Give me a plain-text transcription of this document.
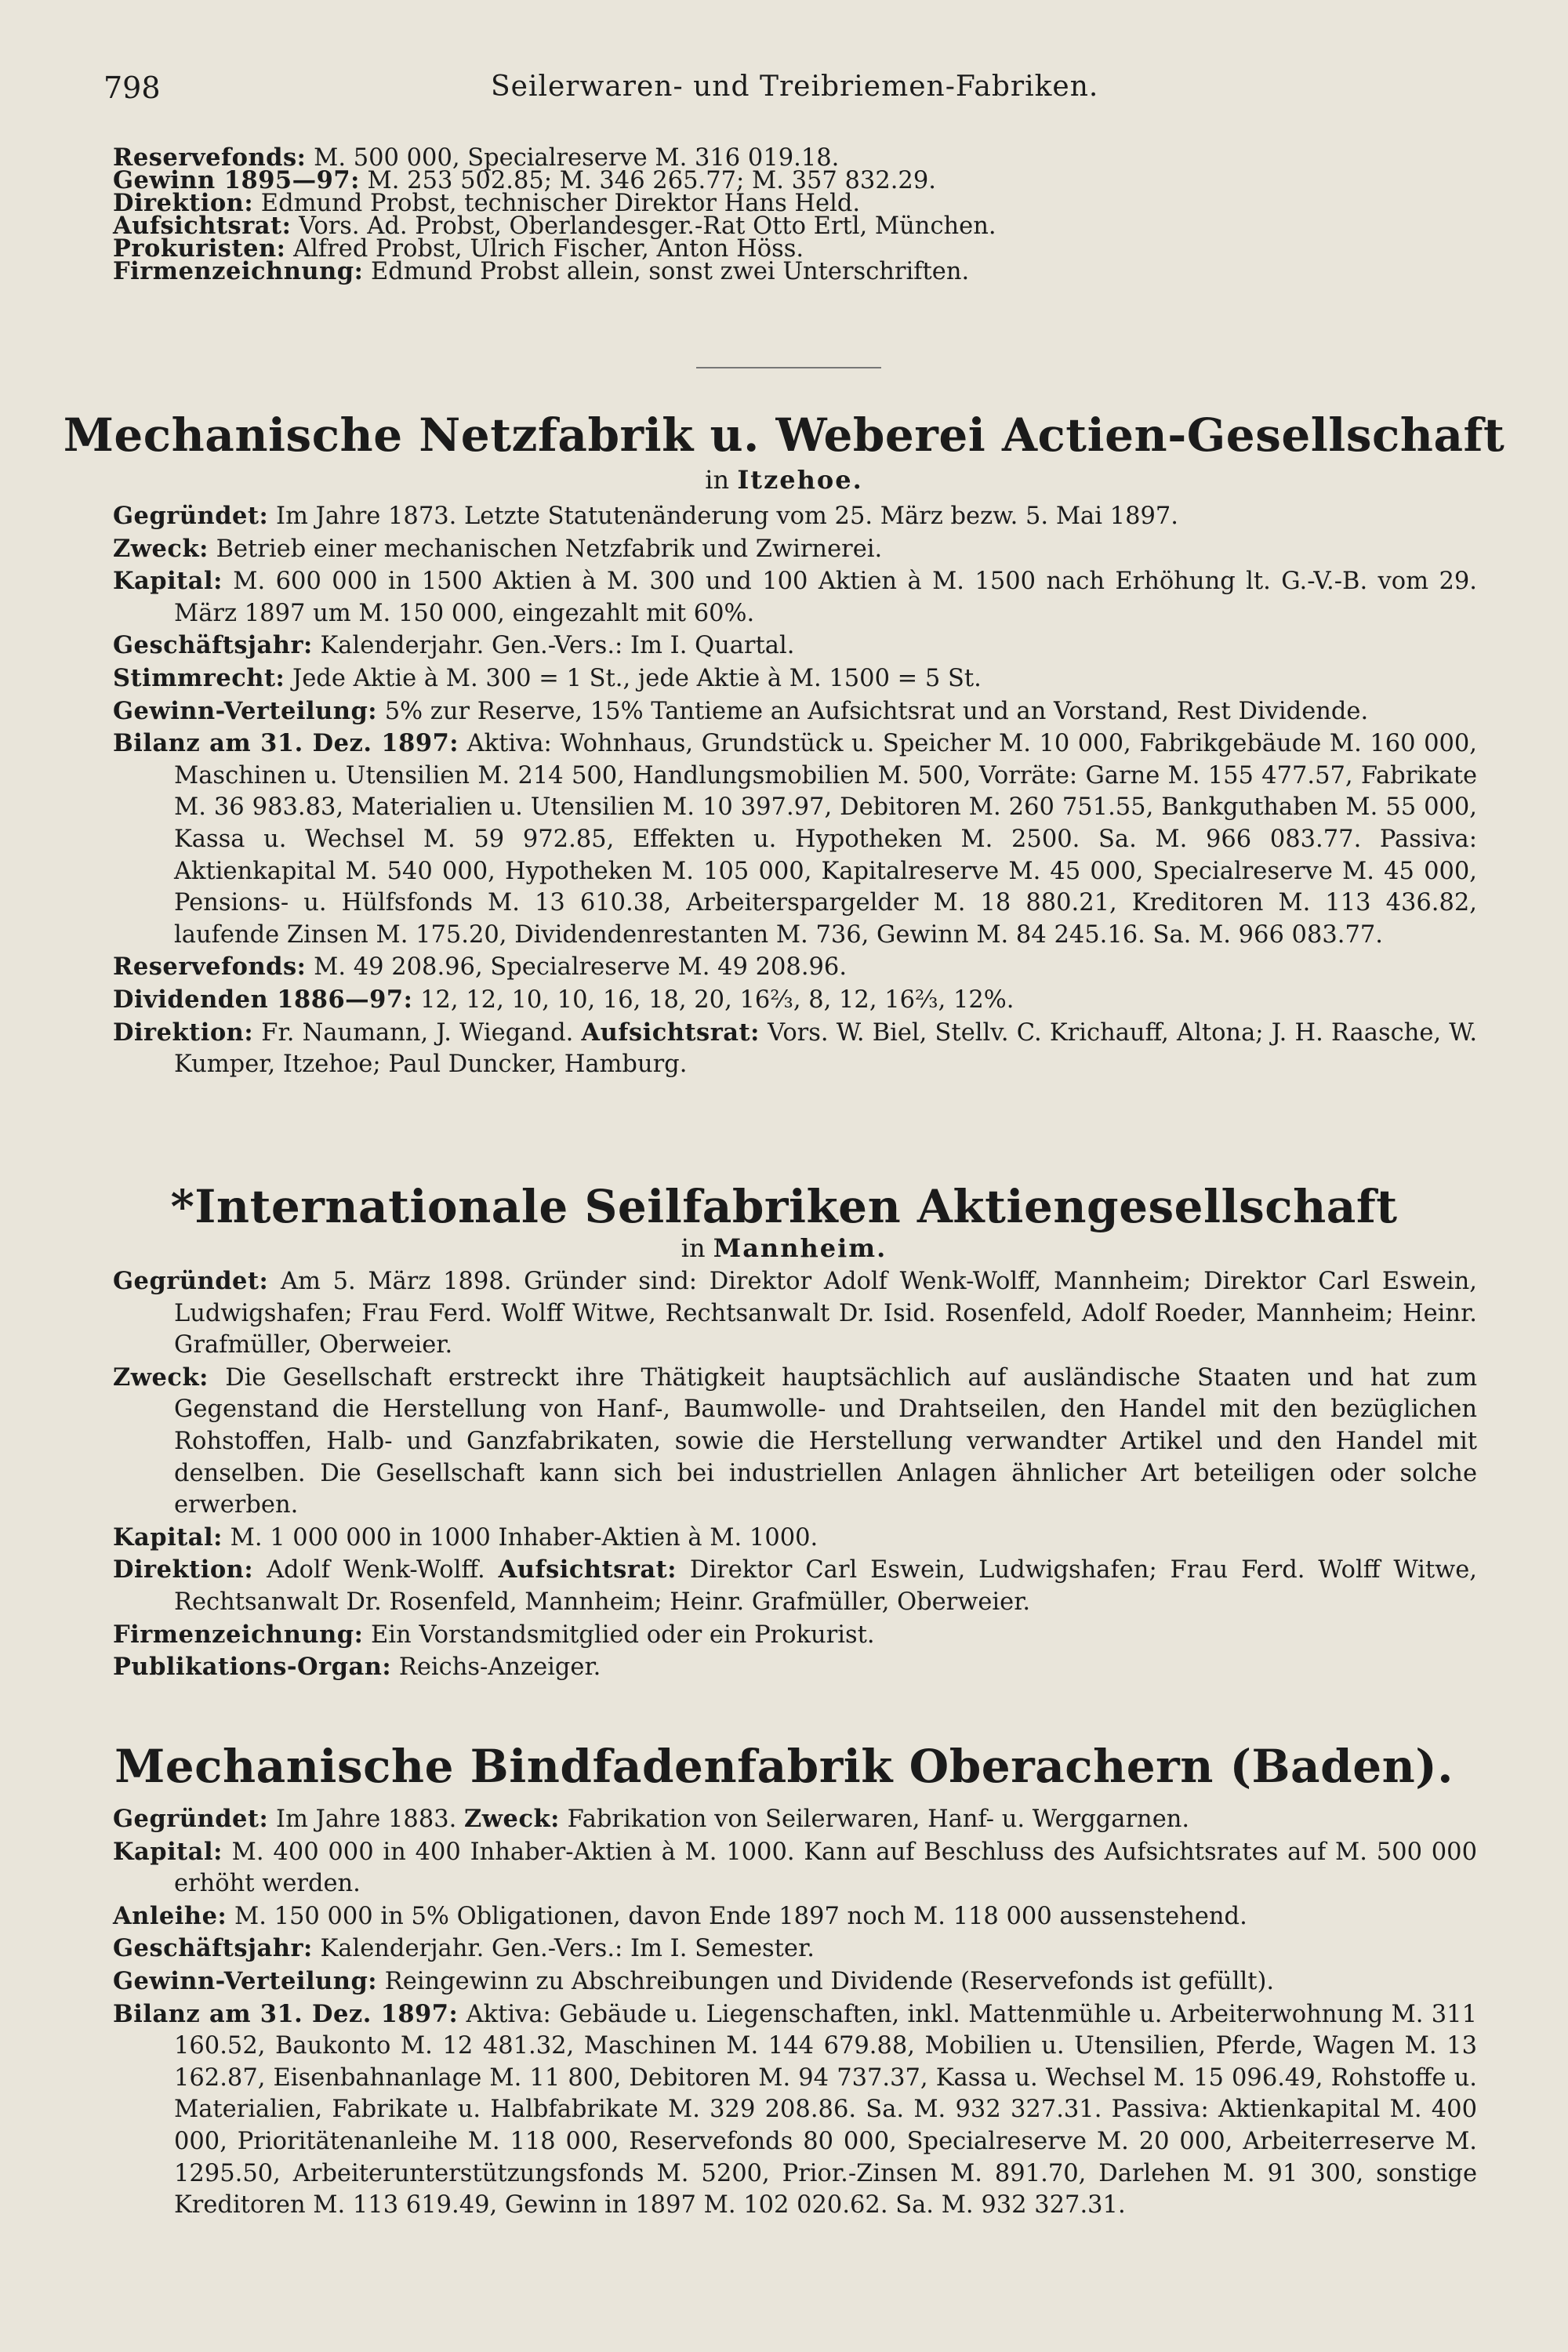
798	Seilerwaren- und Treibriemen-Fabriken.

Reservefonds: M. 500 000, Specialreserve M. 316 019.18.

Gewinn 1895—97: M. 253 502.85; M. 346 265.77; M. 357 832.29.

Direktion: Edmund Probst, technischer Direktor Hans Held.

Aufsichtsrat: Vors. Ad. Probst, Oberlandesger.-Rat Otto Ertl, München.

Prokuristen: Alfred Probst, Ulrich Fischer, Anton Höss.

Firmenzeichnung: Edmund Probst allein, sonst zwei Unterschriften.

Mechanische Netzfabrik u. Weberei Actien-Gesellschaft
in Itzehoe.

Gegründet: Im Jahre 1873. Letzte Statutenänderung vom 25. März bezw. 5. Mai 1897.

Zweck: Betrieb einer mechanischen Netzfabrik und Zwirnerei.

Kapital: M. 600 000 in 1500 Aktien à M. 300 und 100 Aktien à M. 1500 nach Erhöhung lt. G.-V.-B. vom 29. März 1897 um M. 150 000, eingezahlt mit 60%.

Geschäftsjahr: Kalenderjahr. Gen.-Vers.: Im I. Quartal.

Stimmrecht: Jede Aktie à M. 300 = 1 St., jede Aktie à M. 1500 = 5 St.

Gewinn-Verteilung: 5% zur Reserve, 15% Tantieme an Aufsichtsrat und an Vorstand, Rest Dividende.

Bilanz am 31. Dez. 1897: Aktiva: Wohnhaus, Grundstück u. Speicher M. 10 000, Fabrikgebäude M. 160 000, Maschinen u. Utensilien M. 214 500, Handlungsmobilien M. 500, Vorräte: Garne M. 155 477.57, Fabrikate M. 36 983.83, Materialien u. Utensilien M. 10 397.97, Debitoren M. 260 751.55, Bankguthaben M. 55 000, Kassa u. Wechsel M. 59 972.85, Effekten u. Hypotheken M. 2500. Sa. M. 966 083.77. Passiva: Aktienkapital M. 540 000, Hypotheken M. 105 000, Kapitalreserve M. 45 000, Specialreserve M. 45 000, Pensions- u. Hülfsfonds M. 13 610.38, Arbeiterspargelder M. 18 880.21, Kreditoren M. 113 436.82, laufende Zinsen M. 175.20, Dividendenrestanten M. 736, Gewinn M. 84 245.16. Sa. M. 966 083.77.

Reservefonds: M. 49 208.96, Specialreserve M. 49 208.96.

Dividenden 1886—97: 12, 12, 10, 10, 16, 18, 20, 16⅔, 8, 12, 16⅔, 12%.

Direktion: Fr. Naumann, J. Wiegand. Aufsichtsrat: Vors. W. Biel, Stellv. C. Krichauff, Altona; J. H. Raasche, W. Kumper, Itzehoe; Paul Duncker, Hamburg.

*Internationale Seilfabriken Aktiengesellschaft
in Mannheim.

Gegründet: Am 5. März 1898. Gründer sind: Direktor Adolf Wenk-Wolff, Mannheim; Direktor Carl Eswein, Ludwigshafen; Frau Ferd. Wolff Witwe, Rechtsanwalt Dr. Isid. Rosenfeld, Adolf Roeder, Mannheim; Heinr. Grafmüller, Oberweier.

Zweck: Die Gesellschaft erstreckt ihre Thätigkeit hauptsächlich auf ausländische Staaten und hat zum Gegenstand die Herstellung von Hanf-, Baumwolle- und Drahtseilen, den Handel mit den bezüglichen Rohstoffen, Halb- und Ganzfabrikaten, sowie die Herstellung verwandter Artikel und den Handel mit denselben. Die Gesellschaft kann sich bei industriellen Anlagen ähnlicher Art beteiligen oder solche erwerben.

Kapital: M. 1 000 000 in 1000 Inhaber-Aktien à M. 1000.

Direktion: Adolf Wenk-Wolff. Aufsichtsrat: Direktor Carl Eswein, Ludwigshafen; Frau Ferd. Wolff Witwe, Rechtsanwalt Dr. Rosenfeld, Mannheim; Heinr. Grafmüller, Oberweier.

Firmenzeichnung: Ein Vorstandsmitglied oder ein Prokurist.

Publikations-Organ: Reichs-Anzeiger.

Mechanische Bindfadenfabrik Oberachern (Baden).

Gegründet: Im Jahre 1883. Zweck: Fabrikation von Seilerwaren, Hanf- u. Werggarnen.

Kapital: M. 400 000 in 400 Inhaber-Aktien à M. 1000. Kann auf Beschluss des Aufsichtsrates auf M. 500 000 erhöht werden.

Anleihe: M. 150 000 in 5% Obligationen, davon Ende 1897 noch M. 118 000 aussenstehend.

Geschäftsjahr: Kalenderjahr. Gen.-Vers.: Im I. Semester.

Gewinn-Verteilung: Reingewinn zu Abschreibungen und Dividende (Reservefonds ist gefüllt).

Bilanz am 31. Dez. 1897: Aktiva: Gebäude u. Liegenschaften, inkl. Mattenmühle u. Arbeiterwohnung M. 311 160.52, Baukonto M. 12 481.32, Maschinen M. 144 679.88, Mobilien u. Utensilien, Pferde, Wagen M. 13 162.87, Eisenbahnanlage M. 11 800, Debitoren M. 94 737.37, Kassa u. Wechsel M. 15 096.49, Rohstoffe u. Materialien, Fabrikate u. Halbfabrikate M. 329 208.86. Sa. M. 932 327.31. Passiva: Aktienkapital M. 400 000, Prioritätenanleihe M. 118 000, Reservefonds 80 000, Specialreserve M. 20 000, Arbeiterreserve M. 1295.50, Arbeiterunterstützungsfonds M. 5200, Prior.-Zinsen M. 891.70, Darlehen M. 91 300, sonstige Kreditoren M. 113 619.49, Gewinn in 1897 M. 102 020.62. Sa. M. 932 327.31.
